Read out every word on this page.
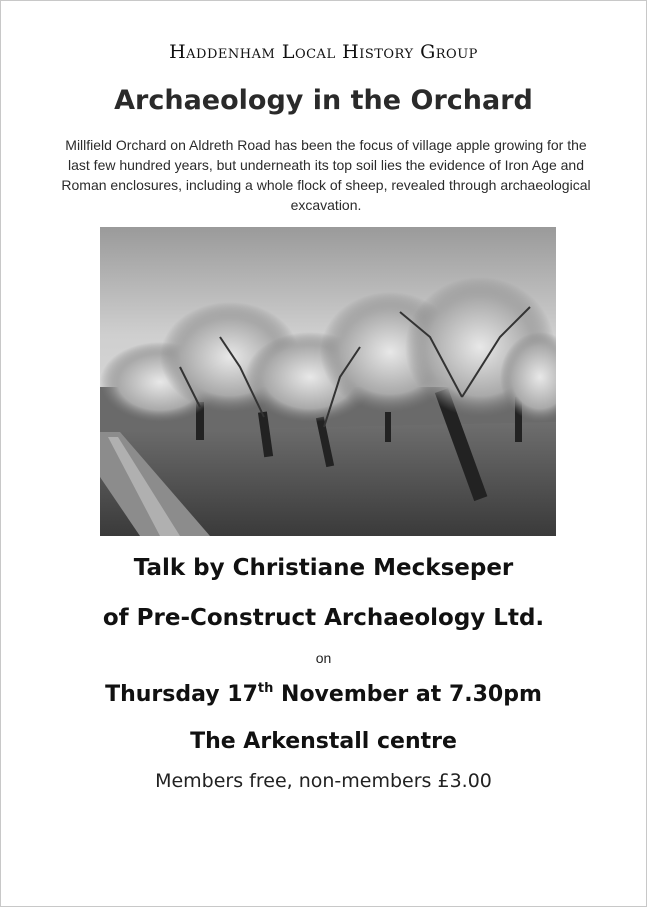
Haddenham Local History Group
Archaeology in the Orchard
Millfield Orchard on Aldreth Road has been the focus of village apple growing for the last few hundred years, but underneath its top soil lies the evidence of Iron Age and Roman enclosures, including a whole flock of sheep, revealed through archaeological excavation.
Talk by Christiane Meckseper
of Pre-Construct Archaeology Ltd.
on
Thursday 17th November at 7.30pm
The Arkenstall centre
Members free, non-members £3.00
